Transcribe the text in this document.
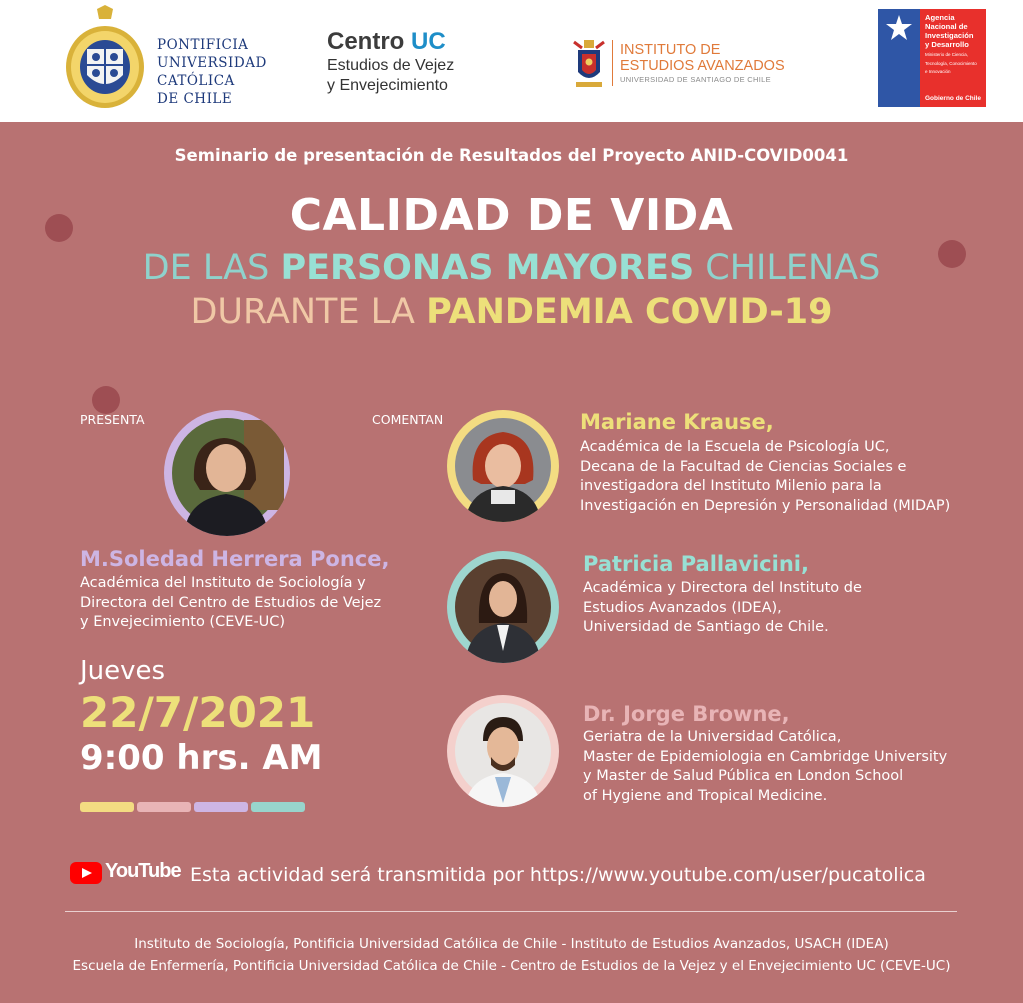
PONTIFICIA
UNIVERSIDAD
CATÓLICA
DE CHILE
Centro UC
Estudios de Vejez
y Envejecimiento
INSTITUTO DE
ESTUDIOS AVANZADOS
UNIVERSIDAD DE SANTIAGO DE CHILE
Agencia
Nacional de
Investigación
y Desarrollo
Ministerio de Ciencia,
Tecnología, Conocimiento
e Innovación
Gobierno de Chile
Seminario de presentación de Resultados del Proyecto ANID-COVID0041
CALIDAD DE VIDA
DE LAS PERSONAS MAYORES CHILENAS
DURANTE LA PANDEMIA COVID-19
PRESENTA	COMENTAN
M.Soledad Herrera Ponce,
Académica del Instituto de Sociología y
Directora del Centro de Estudios de Vejez
y Envejecimiento (CEVE-UC)
Mariane Krause,
Académica de la Escuela de Psicología UC,
Decana de la Facultad de Ciencias Sociales e
investigadora del Instituto Milenio para la
Investigación en Depresión y Personalidad (MIDAP)
Patricia Pallavicini,
Académica y Directora del Instituto de
Estudios Avanzados (IDEA),
Universidad de Santiago de Chile.
Dr. Jorge Browne,
Geriatra de la Universidad Católica,
Master de Epidemiologia en Cambridge University
y Master de Salud Pública en London School
of Hygiene and Tropical Medicine.
Jueves
22/7/2021
9:00 hrs. AM
YouTube Esta actividad será transmitida por https://www.youtube.com/user/pucatolica
Instituto de Sociología, Pontificia Universidad Católica de Chile - Instituto de Estudios Avanzados, USACH (IDEA)
Escuela de Enfermería, Pontificia Universidad Católica de Chile - Centro de Estudios de la Vejez y el Envejecimiento UC (CEVE-UC)
